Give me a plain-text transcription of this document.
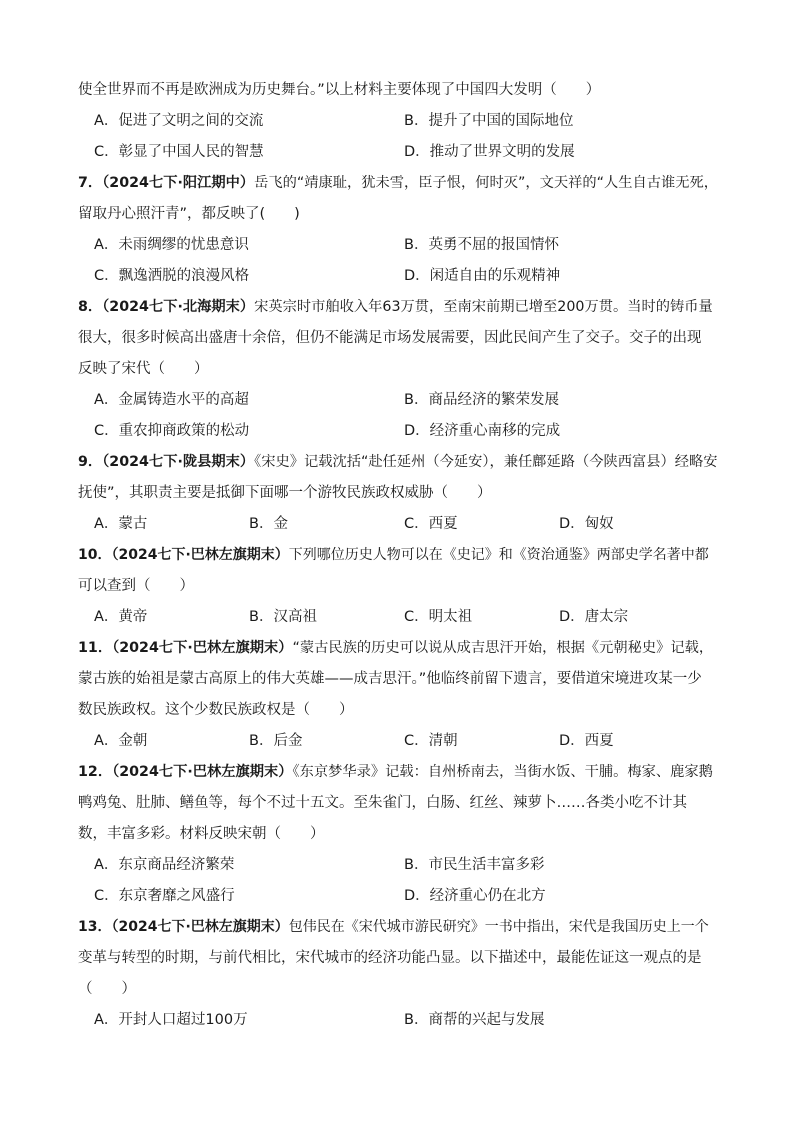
使全世界而不再是欧洲成为历史舞台。”以上材料主要体现了中国四大发明（　　）
A．促进了文明之间的交流	B．提升了中国的国际地位
C．彰显了中国人民的智慧	D．推动了世界文明的发展
7．（2024七下·阳江期中）岳飞的“靖康耻，犹未雪，臣子恨，何时灭”，文天祥的“人生自古谁无死，
留取丹心照汗青”，都反映了(　　)
A．未雨绸缪的忧患意识	B．英勇不屈的报国情怀
C．飘逸洒脱的浪漫风格	D．闲适自由的乐观精神
8．（2024七下·北海期末）宋英宗时市舶收入年63万贯，至南宋前期已增至200万贯。当时的铸币量
很大，很多时候高出盛唐十余倍，但仍不能满足市场发展需要，因此民间产生了交子。交子的出现
反映了宋代（　　）
A．金属铸造水平的高超	B．商品经济的繁荣发展
C．重农抑商政策的松动	D．经济重心南移的完成
9．（2024七下·陇县期末）《宋史》记载沈括“赴任延州（今延安），兼任鄜延路（今陕西富县）经略安
抚使”，其职责主要是抵御下面哪一个游牧民族政权威胁（　　）
A．蒙古	B．金	C．西夏	D．匈奴
10．（2024七下·巴林左旗期末）下列哪位历史人物可以在《史记》和《资治通鉴》两部史学名著中都
可以查到（　　）
A．黄帝	B．汉高祖	C．明太祖	D．唐太宗
11．（2024七下·巴林左旗期末）“蒙古民族的历史可以说从成吉思汗开始，根据《元朝秘史》记载，
蒙古族的始祖是蒙古高原上的伟大英雄——成吉思汗。”他临终前留下遗言，要借道宋境进攻某一少
数民族政权。这个少数民族政权是（　　）
A．金朝	B．后金	C．清朝	D．西夏
12．（2024七下·巴林左旗期末）《东京梦华录》记载：自州桥南去，当街水饭、干脯。梅家、鹿家鹅
鸭鸡兔、肚肺、鳝鱼等，每个不过十五文。至朱雀门，白肠、红丝、辣萝卜……各类小吃不计其
数，丰富多彩。材料反映宋朝（　　）
A．东京商品经济繁荣	B．市民生活丰富多彩
C．东京奢靡之风盛行	D．经济重心仍在北方
13．（2024七下·巴林左旗期末）包伟民在《宋代城市游民研究》一书中指出，宋代是我国历史上一个
变革与转型的时期，与前代相比，宋代城市的经济功能凸显。以下描述中，最能佐证这一观点的是
（　　）
A．开封人口超过100万	B．商帮的兴起与发展
